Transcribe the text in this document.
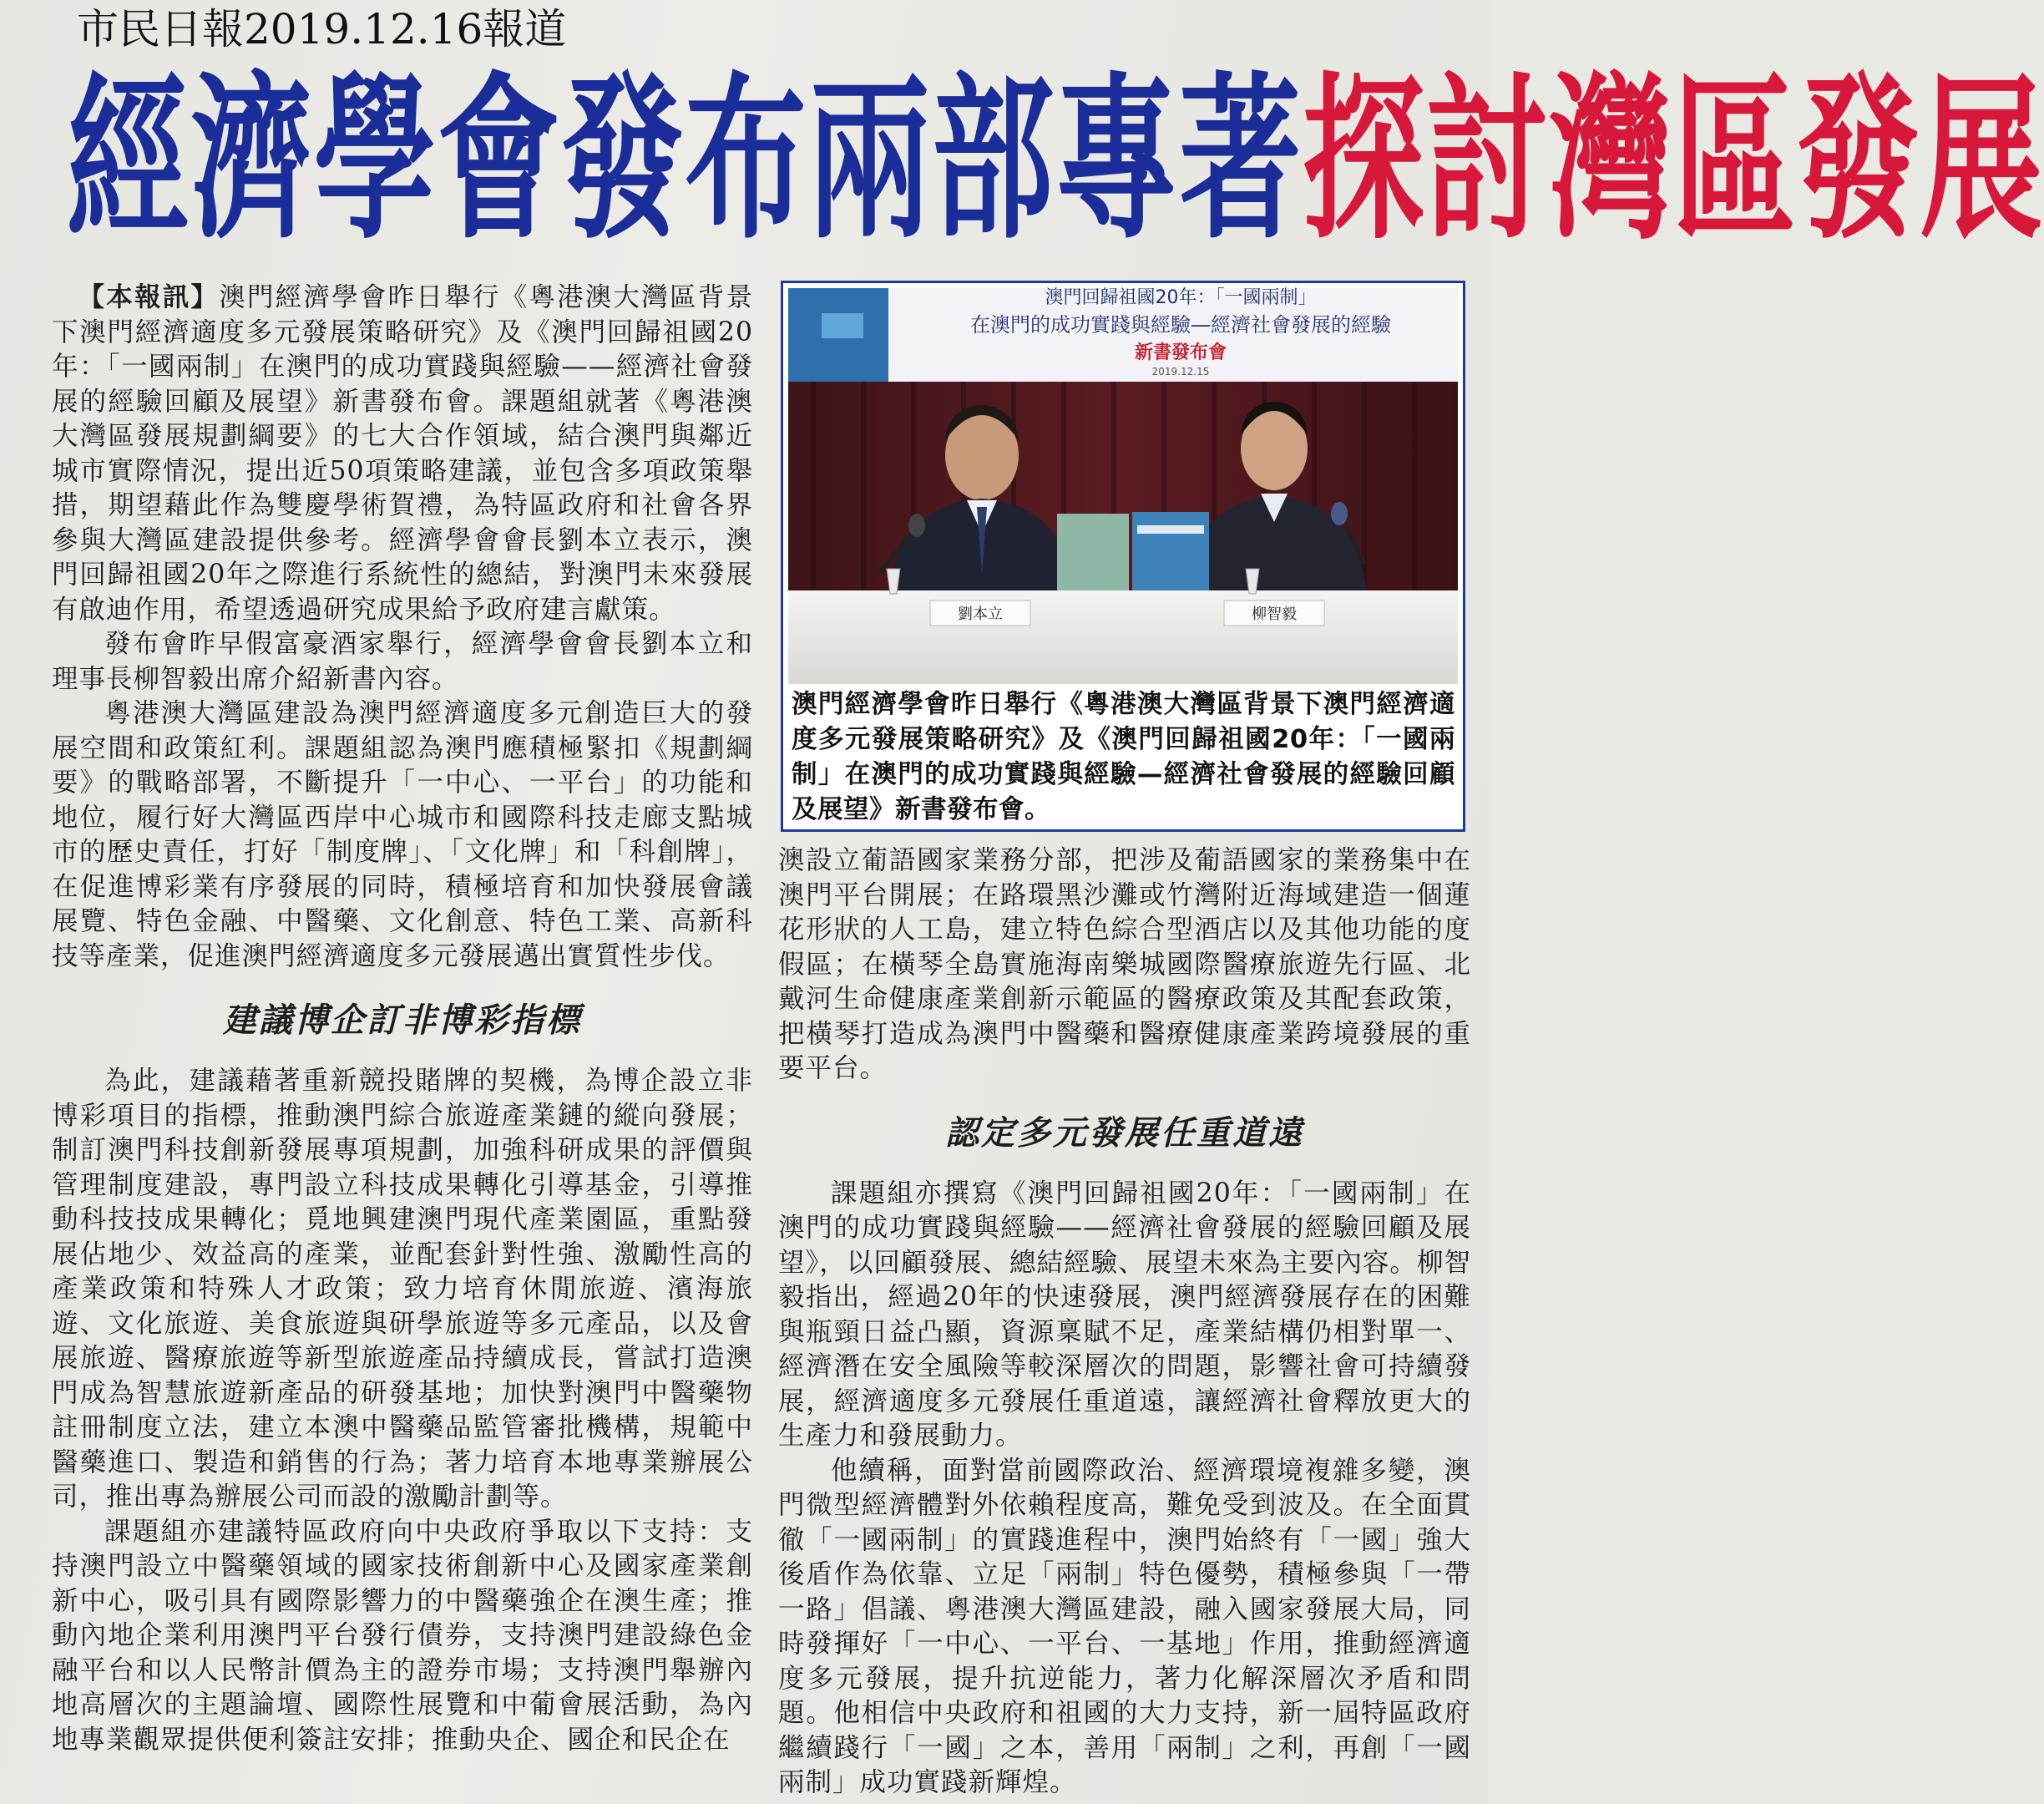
市民日報2019.12.16報道
經濟學會發布兩部專著探討灣區發展

【本報訊】澳門經濟學會昨日舉行《粵港澳大灣區背景下澳門經濟適度多元發展策略研究》及《澳門回歸祖國20年：「一國兩制」在澳門的成功實踐與經驗——經濟社會發展的經驗回顧及展望》新書發布會。課題組就著《粵港澳大灣區發展規劃綱要》的七大合作領域，結合澳門與鄰近城市實際情況，提出近50項策略建議，並包含多項政策舉措，期望藉此作為雙慶學術賀禮，為特區政府和社會各界參與大灣區建設提供參考。經濟學會會長劉本立表示，澳門回歸祖國20年之際進行系統性的總結，對澳門未來發展有啟迪作用，希望透過研究成果給予政府建言獻策。

發布會昨早假富豪酒家舉行，經濟學會會長劉本立和理事長柳智毅出席介紹新書內容。

粵港澳大灣區建設為澳門經濟適度多元創造巨大的發展空間和政策紅利。課題組認為澳門應積極緊扣《規劃綱要》的戰略部署，不斷提升「一中心、一平台」的功能和地位，履行好大灣區西岸中心城市和國際科技走廊支點城市的歷史責任，打好「制度牌」、「文化牌」和「科創牌」，在促進博彩業有序發展的同時，積極培育和加快發展會議展覽、特色金融、中醫藥、文化創意、特色工業、高新科技等產業，促進澳門經濟適度多元發展邁出實質性步伐。

建議博企訂非博彩指標

為此，建議藉著重新競投賭牌的契機，為博企設立非博彩項目的指標，推動澳門綜合旅遊產業鏈的縱向發展；制訂澳門科技創新發展專項規劃，加強科研成果的評價與管理制度建設，專門設立科技成果轉化引導基金，引導推動科技技成果轉化；覓地興建澳門現代產業園區，重點發展佔地少、效益高的產業，並配套針對性強、激勵性高的產業政策和特殊人才政策；致力培育休閒旅遊、濱海旅遊、文化旅遊、美食旅遊與研學旅遊等多元產品，以及會展旅遊、醫療旅遊等新型旅遊產品持續成長，嘗試打造澳門成為智慧旅遊新產品的研發基地；加快對澳門中醫藥物註冊制度立法，建立本澳中醫藥品監管審批機構，規範中醫藥進口、製造和銷售的行為；著力培育本地專業辦展公司，推出專為辦展公司而設的激勵計劃等。

課題組亦建議特區政府向中央政府爭取以下支持：支持澳門設立中醫藥領域的國家技術創新中心及國家產業創新中心，吸引具有國際影響力的中醫藥強企在澳生產；推動內地企業利用澳門平台發行債券，支持澳門建設綠色金融平台和以人民幣計價為主的證券市場；支持澳門舉辦內地高層次的主題論壇、國際性展覽和中葡會展活動，為內地專業觀眾提供便利簽註安排；推動央企、國企和民企在

澳門回歸祖國20年：「一國兩制」
在澳門的成功實踐與經驗—經濟社會發展的經驗
新書發布會
2019.12.15
劉本立	柳智毅
澳門經濟學會昨日舉行《粵港澳大灣區背景下澳門經濟適度多元發展策略研究》及《澳門回歸祖國20年：「一國兩制」在澳門的成功實踐與經驗—經濟社會發展的經驗回顧及展望》新書發布會。

澳設立葡語國家業務分部，把涉及葡語國家的業務集中在澳門平台開展；在路環黑沙灘或竹灣附近海域建造一個蓮花形狀的人工島，建立特色綜合型酒店以及其他功能的度假區；在橫琴全島實施海南樂城國際醫療旅遊先行區、北戴河生命健康產業創新示範區的醫療政策及其配套政策，把橫琴打造成為澳門中醫藥和醫療健康產業跨境發展的重要平台。

認定多元發展任重道遠

課題組亦撰寫《澳門回歸祖國20年：「一國兩制」在澳門的成功實踐與經驗——經濟社會發展的經驗回顧及展望》，以回顧發展、總結經驗、展望未來為主要內容。柳智毅指出，經過20年的快速發展，澳門經濟發展存在的困難與瓶頸日益凸顯，資源稟賦不足，產業結構仍相對單一、經濟潛在安全風險等較深層次的問題，影響社會可持續發展，經濟適度多元發展任重道遠，讓經濟社會釋放更大的生產力和發展動力。

他續稱，面對當前國際政治、經濟環境複雜多變，澳門微型經濟體對外依賴程度高，難免受到波及。在全面貫徹「一國兩制」的實踐進程中，澳門始終有「一國」強大後盾作為依靠、立足「兩制」特色優勢，積極參與「一帶一路」倡議、粵港澳大灣區建設，融入國家發展大局，同時發揮好「一中心、一平台、一基地」作用，推動經濟適度多元發展，提升抗逆能力，著力化解深層次矛盾和問題。他相信中央政府和祖國的大力支持，新一屆特區政府繼續踐行「一國」之本，善用「兩制」之利，再創「一國兩制」成功實踐新輝煌。
